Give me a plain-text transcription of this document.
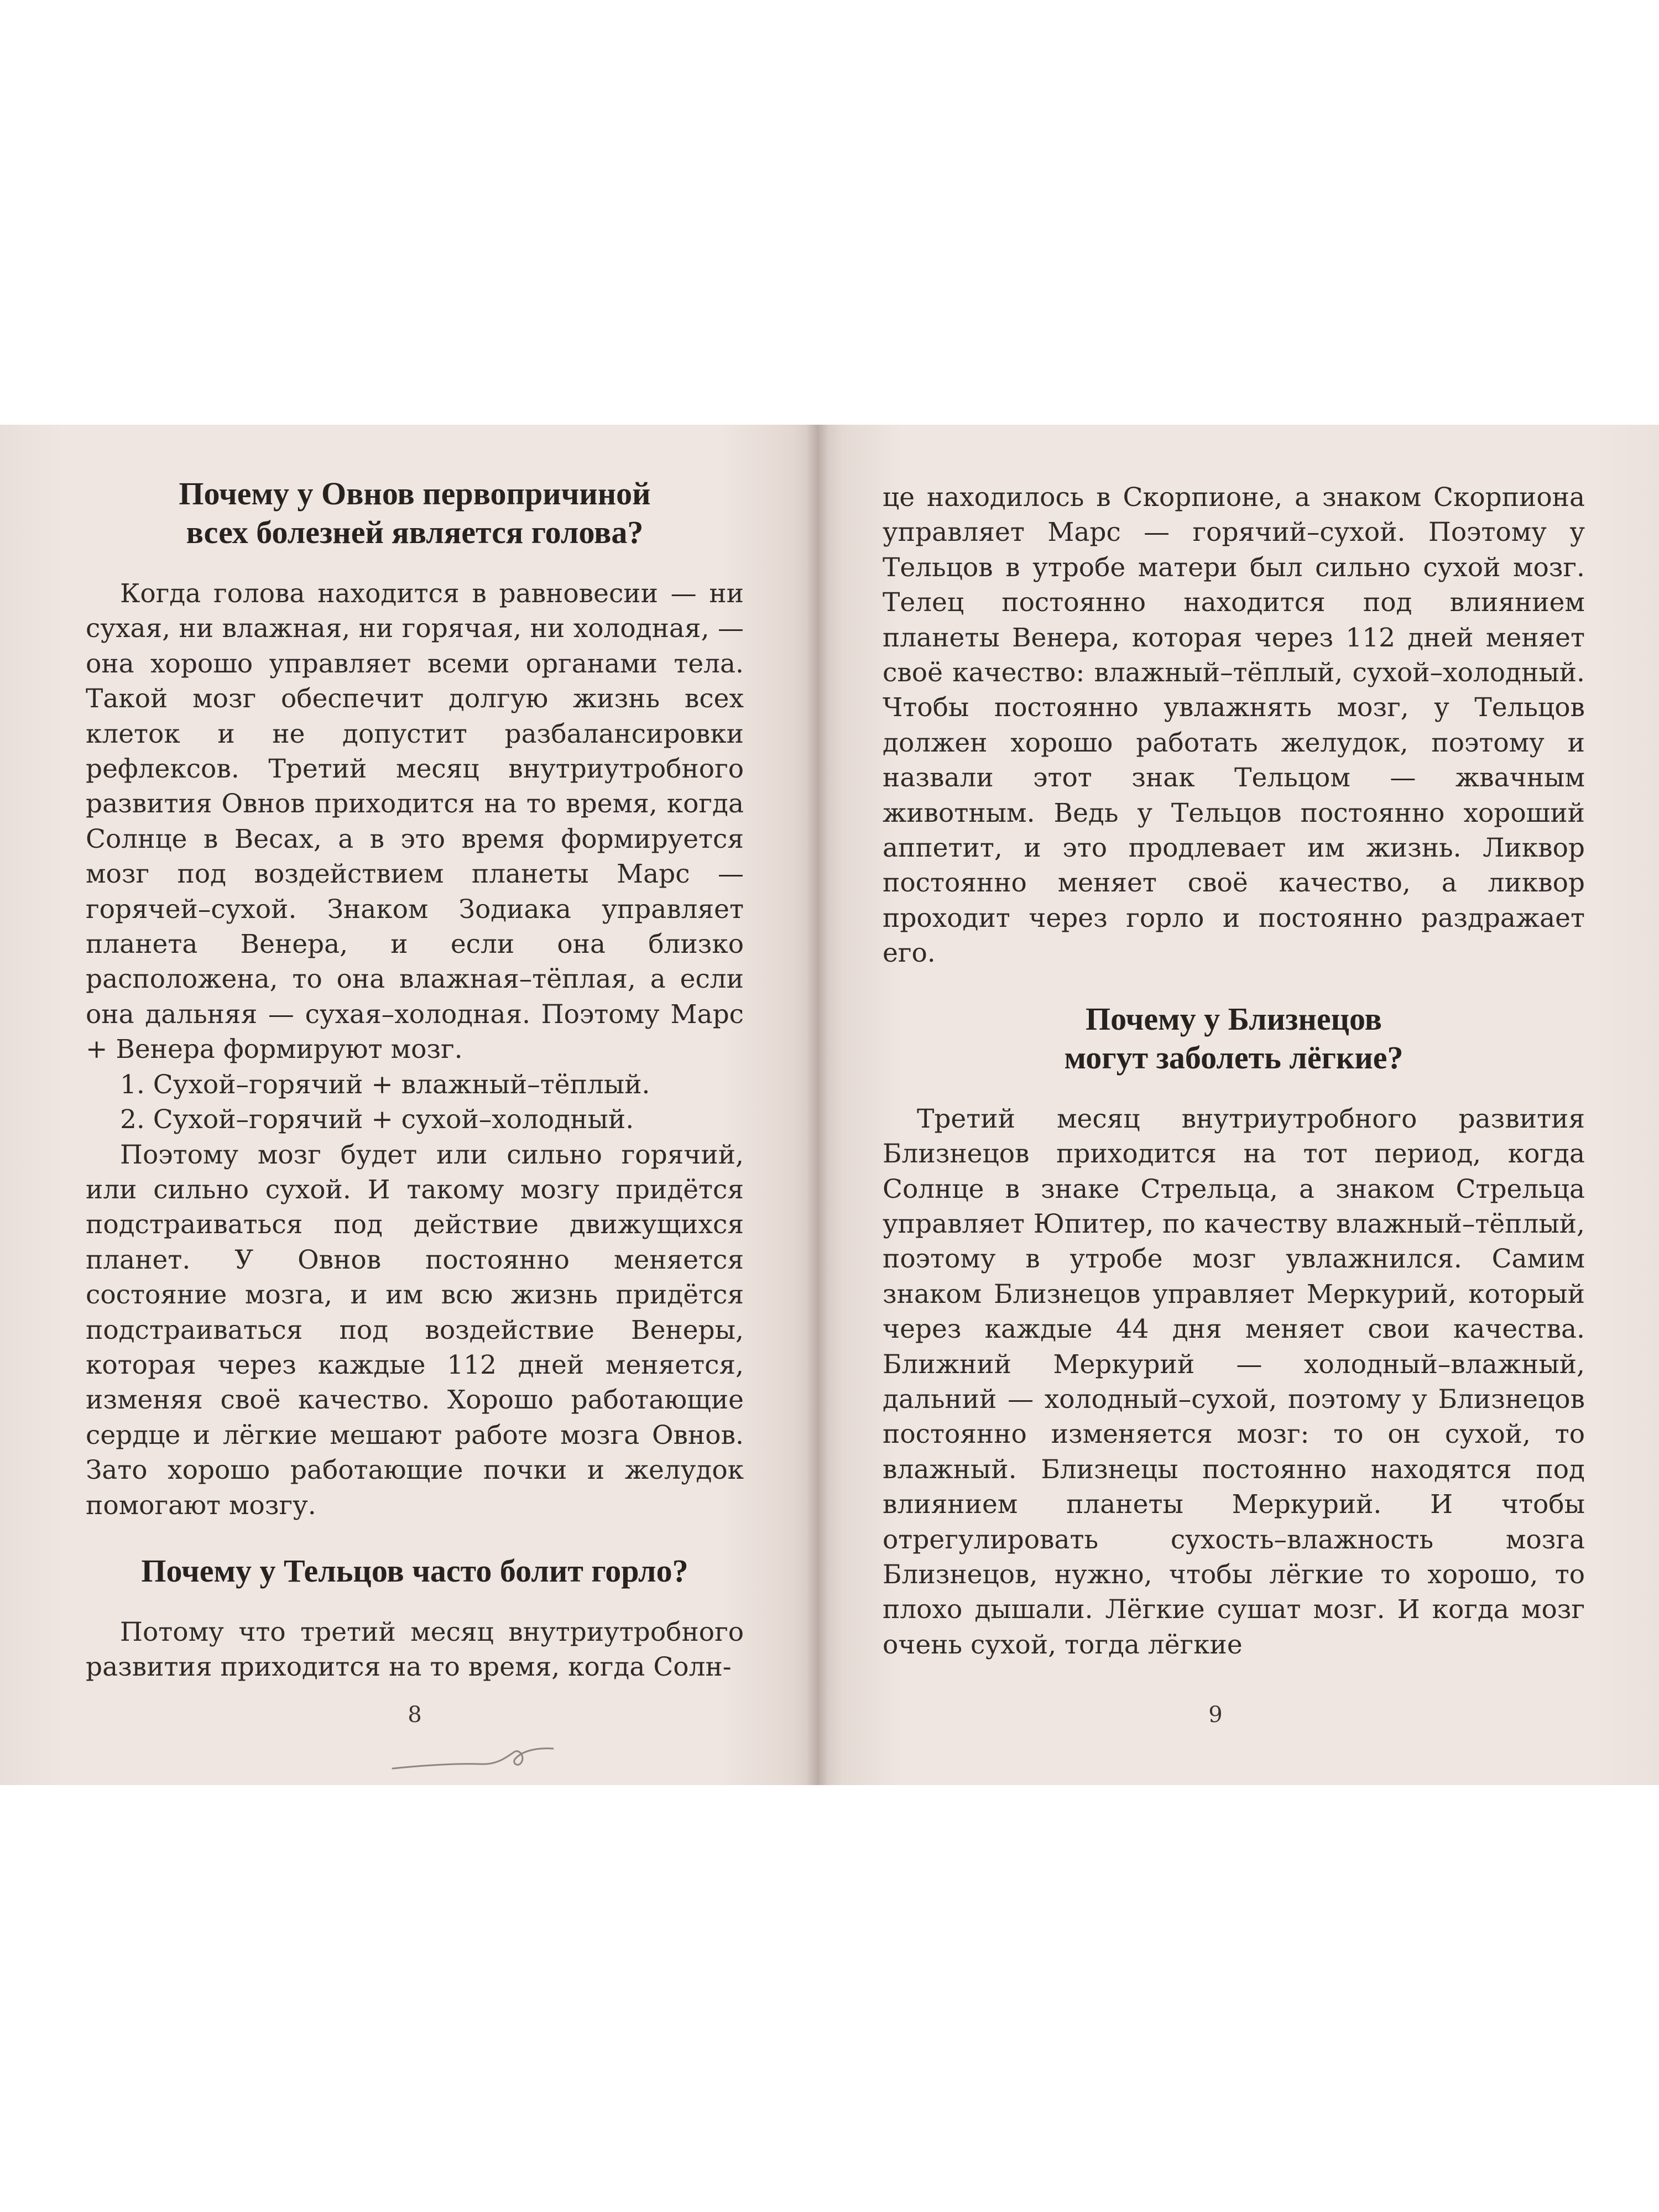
Почему у Овнов первопричиной
всех болезней является голова?

Когда голова находится в равновесии — ни сухая, ни влажная, ни горячая, ни холодная, — она хорошо управляет всеми органами тела. Такой мозг обеспечит долгую жизнь всех клеток и не допустит разбалансировки рефлексов. Третий месяц внутриутробного развития Овнов приходится на то время, когда Солнце в Весах, а в это время формируется мозг под воздействием планеты Марс — горячей–сухой. Знаком Зодиака управляет планета Венера, и если она близко расположена, то она влажная–тёплая, а если она дальняя — сухая–холодная. Поэтому Марс + Венера формируют мозг.

1. Сухой–горячий + влажный–тёплый.

2. Сухой–горячий + сухой–холодный.

Поэтому мозг будет или сильно горячий, или сильно сухой. И такому мозгу придётся подстраиваться под действие движущихся планет. У Овнов постоянно меняется состояние мозга, и им всю жизнь придётся подстраиваться под воздействие Венеры, которая через каждые 112 дней меняется, изменяя своё качество. Хорошо работающие сердце и лёгкие мешают работе мозга Овнов. Зато хорошо работающие почки и желудок помогают мозгу.

Почему у Тельцов часто болит горло?

Потому что третий месяц внутриутробного развития приходится на то время, когда Солн-

8

це находилось в Скорпионе, а знаком Скорпиона управляет Марс — горячий–сухой. Поэтому у Тельцов в утробе матери был сильно сухой мозг. Телец постоянно находится под влиянием планеты Венера, которая через 112 дней меняет своё качество: влажный–тёплый, сухой–холодный. Чтобы постоянно увлажнять мозг, у Тельцов должен хорошо работать желудок, поэтому и назвали этот знак Тельцом — жвачным животным. Ведь у Тельцов постоянно хороший аппетит, и это продлевает им жизнь. Ликвор постоянно меняет своё качество, а ликвор проходит через горло и постоянно раздражает его.

Почему у Близнецов
могут заболеть лёгкие?

Третий месяц внутриутробного развития Близнецов приходится на тот период, когда Солнце в знаке Стрельца, а знаком Стрельца управляет Юпитер, по качеству влажный–тёплый, поэтому в утробе мозг увлажнился. Самим знаком Близнецов управляет Меркурий, который через каждые 44 дня меняет свои качества. Ближний Меркурий — холодный–влажный, дальний — холодный–сухой, поэтому у Близнецов постоянно изменяется мозг: то он сухой, то влажный. Близнецы постоянно находятся под влиянием планеты Меркурий. И чтобы отрегулировать сухость–влажность мозга Близнецов, нужно, чтобы лёгкие то хорошо, то плохо дышали. Лёгкие сушат мозг. И когда мозг очень сухой, тогда лёгкие

9
